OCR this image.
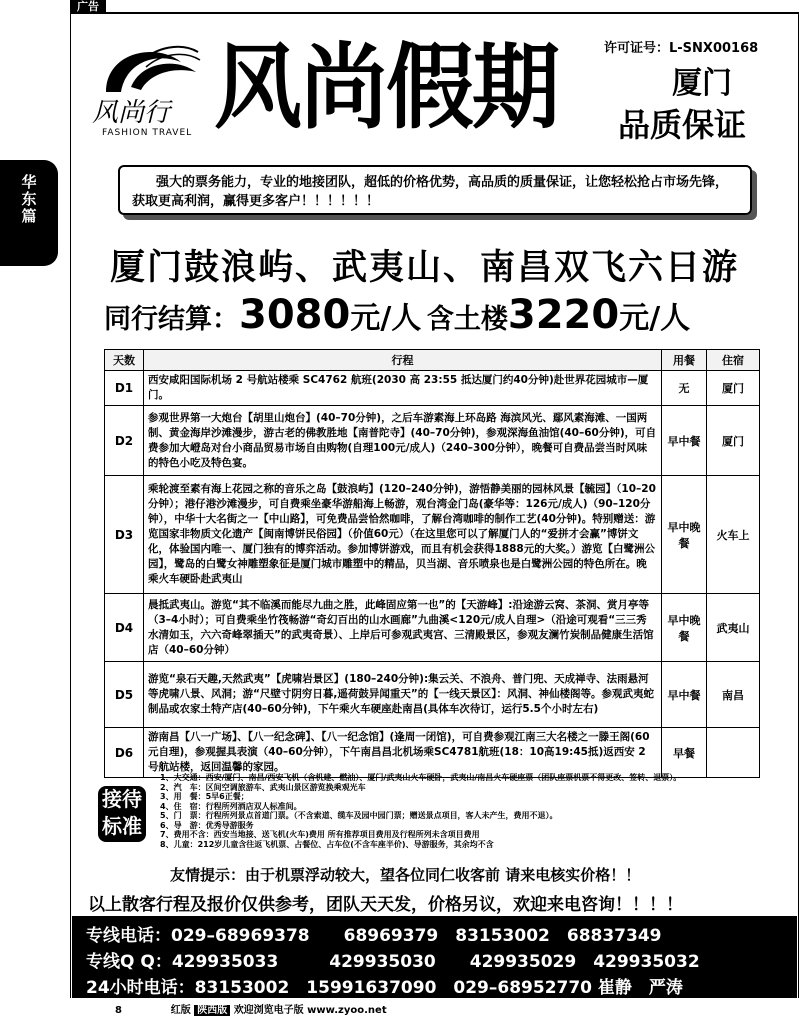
广告
华东篇
风尚行
FASHION TRAVEL 风尚假期	许可证号：L-SNX00168
厦门
品质保证
强大的票务能力，专业的地接团队，超低的价格优势，高品质的质量保证，让您轻松抢占市场先锋，获取更高利润，赢得更多客户！！！！！！
厦门鼓浪屿、武夷山、南昌双飞六日游
同行结算：3080元/人 含土楼3220元/人
天数	行程	用餐	住宿
D1	西安咸阳国际机场 2 号航站楼乘 SC4762 航班(2030 高 23:55 抵达厦门约40分钟)赴世界花园城市—厦门。	无	厦门
D2	参观世界第一大炮台【胡里山炮台】(40–70分钟)，之后车游素海上环岛路 海滨风光、鄢风素海滩、一国两制、黄金海岸沙滩漫步，游古老的佛教胜地【南普陀寺】(40–70分钟)，参观深海鱼油馆(40–60分钟)，可自费参加大嶝岛对台小商品贸易市场自由购物(自理100元/成人)（240–300分钟），晚餐可自费品尝当时风味的特色小吃及特色宴。	早中餐	厦门
D3	乘轮渡至素有海上花园之称的音乐之岛【鼓浪屿】(120–240分钟)，游悟静美丽的园林风景【毓园】（10–20分钟）；港仔港沙滩漫步，可自费乘坐豪华游船海上畅游，观台湾金门岛(豪华等：126元/成人)（90–120分钟），中华十大名街之一【中山路】，可免费品尝恰然咖啡，了解台湾咖啡的制作工艺(40分钟)。特别赠送：游览国家非物质文化遗产【闽南博饼民俗园】（价值60元）（在这里您可以了解厦门人的“爱拼才会赢”博饼文化，体验国内唯一、厦门独有的博弈活动。参加博饼游戏，而且有机会获得1888元的大奖。）游览【白鹭洲公园】，鹭岛的白鹭女神雕塑象征是厦门城市雕塑中的精品，贝当湖、音乐喷泉也是白鹭洲公园的特色所在。晚乘火车硬卧赴武夷山	早中晚餐	火车上
D4	晨抵武夷山。游览“其不临溪而能尽九曲之胜，此峰固应第一也”的【天游峰】:沿途游云窝、茶洞、赏月亭等（3–4小时）；可自费乘坐竹筏畅游“奇幻百出的山水画廊”九曲溪<120元/成人自理>（沿途可观看“三三秀水清如玉，六六奇峰翠插天”的武夷奇景）、上岸后可参观武夷宫、三清殿景区，参观友澜竹炭制品健康生活馆店（40–60分钟）	早中晚餐	武夷山
D5	游览“泉石天趣,天然武夷”【虎啸岩景区】(180–240分钟):集云关、不浪舟、普门兜、天成禅寺、法雨悬河等虎啸八景、风洞；游“尺壁寸阴穷日暮,遥荷鼓异闻重天”的【一线天景区】：风洞、神仙楼阁等。参观武夷蛇制品或农家土特产店(40–60分钟)，下午乘火车硬座赴南昌(具体车次待订，运行5.5个小时左右)	早中餐	南昌
D6	游南昌【八一广场】、【八一纪念碑】、【八一纪念馆】(逢周一闭馆)，可自费参观江南三大名楼之一滕王阁(60元自理)，参观握具表演（40–60分钟），下午南昌昌北机场乘SC4781航班(18：10高19:45抵)返西安 2 号航站楼，返回温馨的家园。	早餐	
接待标准
1、大交通：西安/厦门、南昌/西安飞机（含机建、燃油）、厦门/武夷山火车硬卧，武夷山/南昌火车硬座票（团队座票机票不得更改、签转、退票）。
2、汽　车：区间空调旅游车、武夷山景区游览换乘观光车
3、用　餐：5早6正餐；
4、住　宿：行程所列酒店双人标准间。
5、门　票：行程所列景点首道门票。（不含索道、缆车及园中园门票；赠送景点项目，客人未产生，费用不退）。
6、导　游：优秀导游服务
7、费用不含：西安当地接、送飞机(火车)费用 所有推荐项目费用及行程所列未含项目费用
8、儿童：212岁儿童含往返飞机票、占餐位、占车位(不含车座半价)、导游服务，其余均不含
友情提示：由于机票浮动较大，望各位同仁收客前 请来电核实价格！！
以上散客行程及报价仅供参考，团队天天发，价格另议，欢迎来电咨询！！！！
专线电话：029–68969378　　68969379　83153002　68837349
专线Q Q：429935033　　　429935030　　429935029　429935032
24小时电话：83153002　15991637090　029–68952770 崔静　严涛
8	红版 陕西版 欢迎浏览电子版 www.zyoo.net
